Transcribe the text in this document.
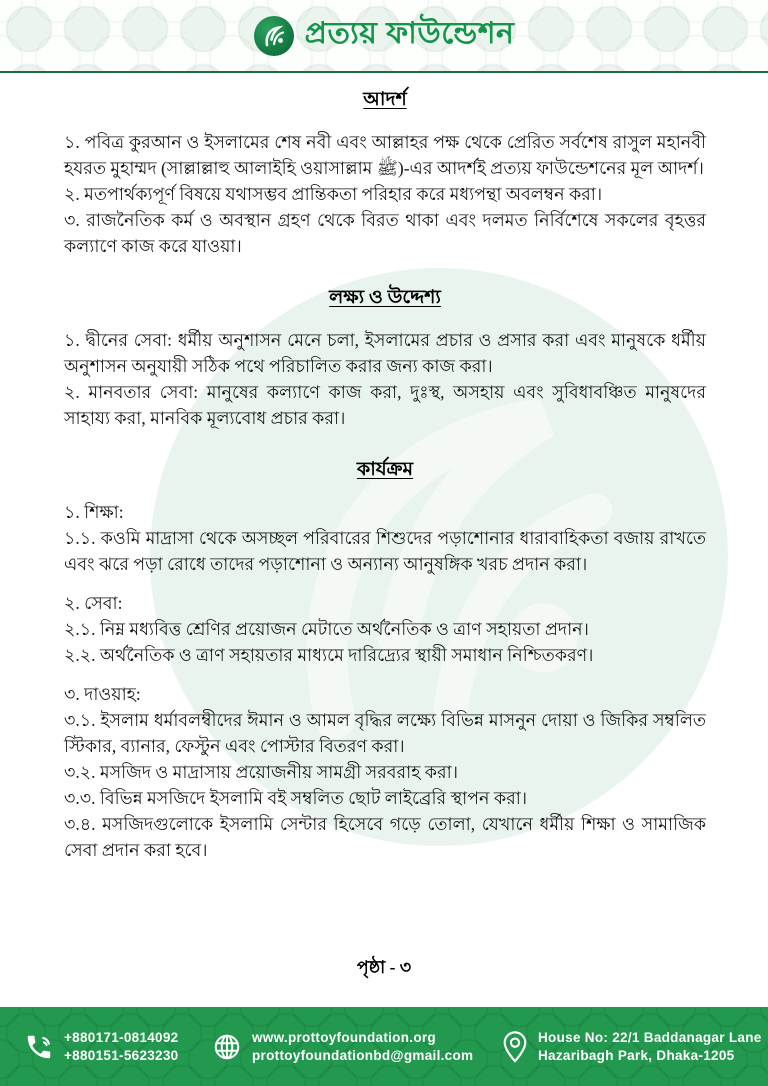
প্রত্যয় ফাউন্ডেশন
আদর্শ

১. পবিত্র কুরআন ও ইসলামের শেষ নবী এবং আল্লাহর পক্ষ থেকে প্রেরিত সর্বশেষ রাসুল মহানবী হযরত মুহাম্মদ (সাল্লাল্লাহু আলাইহি ওয়াসাল্লাম ﷺ)-এর আদর্শই প্রত্যয় ফাউন্ডেশনের মূল আদর্শ।

২. মতপার্থক্যপূর্ণ বিষয়ে যথাসম্ভব প্রান্তিকতা পরিহার করে মধ্যপন্থা অবলম্বন করা।

৩. রাজনৈতিক কর্ম ও অবস্থান গ্রহণ থেকে বিরত থাকা এবং দলমত নির্বিশেষে সকলের বৃহত্তর কল্যাণে কাজ করে যাওয়া।

লক্ষ্য ও উদ্দেশ্য

১. দ্বীনের সেবা: ধর্মীয় অনুশাসন মেনে চলা, ইসলামের প্রচার ও প্রসার করা এবং মানুষকে ধর্মীয় অনুশাসন অনুযায়ী সঠিক পথে পরিচালিত করার জন্য কাজ করা।

২. মানবতার সেবা: মানুষের কল্যাণে কাজ করা, দুঃস্থ, অসহায় এবং সুবিধাবঞ্চিত মানুষদের সাহায্য করা, মানবিক মূল্যবোধ প্রচার করা।

কার্যক্রম

১. শিক্ষা:

১.১. কওমি মাদ্রাসা থেকে অসচ্ছল পরিবারের শিশুদের পড়াশোনার ধারাবাহিকতা বজায় রাখতে এবং ঝরে পড়া রোধে তাদের পড়াশোনা ও অন্যান্য আনুষঙ্গিক খরচ প্রদান করা।

২. সেবা:

২.১. নিম্ন মধ্যবিত্ত শ্রেণির প্রয়োজন মেটাতে অর্থনৈতিক ও ত্রাণ সহায়তা প্রদান।

২.২. অর্থনৈতিক ও ত্রাণ সহায়তার মাধ্যমে দারিদ্র্যের স্থায়ী সমাধান নিশ্চিতকরণ।

৩. দাওয়াহ:

৩.১. ইসলাম ধর্মাবলম্বীদের ঈমান ও আমল বৃদ্ধির লক্ষ্যে বিভিন্ন মাসনুন দোয়া ও জিকির সম্বলিত স্টিকার, ব্যানার, ফেস্টুন এবং পোস্টার বিতরণ করা।

৩.২. মসজিদ ও মাদ্রাসায় প্রয়োজনীয় সামগ্রী সরবরাহ করা।

৩.৩. বিভিন্ন মসজিদে ইসলামি বই সম্বলিত ছোট লাইব্রেরি স্থাপন করা।

৩.৪. মসজিদগুলোকে ইসলামি সেন্টার হিসেবে গড়ে তোলা, যেখানে ধর্মীয় শিক্ষা ও সামাজিক সেবা প্রদান করা হবে।

পৃষ্ঠা - ৩
+880171-0814092
+880151-5623230
www.prottoyfoundation.org
prottoyfoundationbd@gmail.com
House No: 22/1 Baddanagar Lane
Hazaribagh Park, Dhaka-1205
